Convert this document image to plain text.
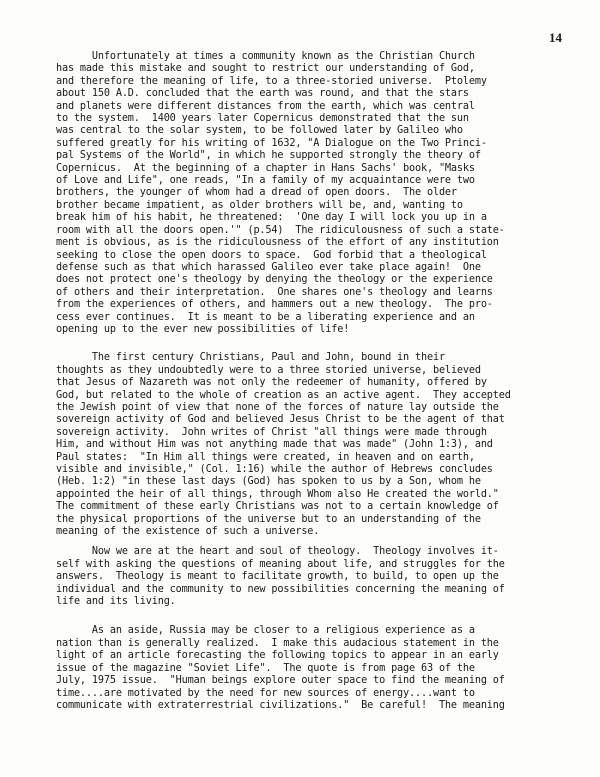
14
Unfortunately at times a community known as the Christian Church
has made this mistake and sought to restrict our understanding of God,
and therefore the meaning of life, to a three-storied universe.  Ptolemy
about 150 A.D. concluded that the earth was round, and that the stars
and planets were different distances from the earth, which was central
to the system.  1400 years later Copernicus demonstrated that the sun
was central to the solar system, to be followed later by Galileo who
suffered greatly for his writing of 1632, "A Dialogue on the Two Princi-
pal Systems of the World", in which he supported strongly the theory of
Copernicus.  At the beginning of a chapter in Hans Sachs' book, "Masks
of Love and Life", one reads, "In a family of my acquaintance were two
brothers, the younger of whom had a dread of open doors.  The older
brother became impatient, as older brothers will be, and, wanting to
break him of his habit, he threatened:  'One day I will lock you up in a
room with all the doors open.'" (p.54)  The ridiculousness of such a state-
ment is obvious, as is the ridiculousness of the effort of any institution
seeking to close the open doors to space.  God forbid that a theological
defense such as that which harassed Galileo ever take place again!  One
does not protect one's theology by denying the theology or the experience
of others and their interpretation.  One shares one's theology and learns
from the experiences of others, and hammers out a new theology.  The pro-
cess ever continues.  It is meant to be a liberating experience and an
opening up to the ever new possibilities of life!
The first century Christians, Paul and John, bound in their
thoughts as they undoubtedly were to a three storied universe, believed
that Jesus of Nazareth was not only the redeemer of humanity, offered by
God, but related to the whole of creation as an active agent.  They accepted
the Jewish point of view that none of the forces of nature lay outside the
sovereign activity of God and believed Jesus Christ to be the agent of that
sovereign activity.  John writes of Christ "all things were made through
Him, and without Him was not anything made that was made" (John 1:3), and
Paul states:  "In Him all things were created, in heaven and on earth,
visible and invisible," (Col. 1:16) while the author of Hebrews concludes
(Heb. 1:2) "in these last days (God) has spoken to us by a Son, whom he
appointed the heir of all things, through Whom also He created the world."
The commitment of these early Christians was not to a certain knowledge of
the physical proportions of the universe but to an understanding of the
meaning of the existence of such a universe.
Now we are at the heart and soul of theology.  Theology involves it-
self with asking the questions of meaning about life, and struggles for the
answers.  Theology is meant to facilitate growth, to build, to open up the
individual and the community to new possibilities concerning the meaning of
life and its living.
As an aside, Russia may be closer to a religious experience as a
nation than is generally realized.  I make this audacious statement in the
light of an article forecasting the following topics to appear in an early
issue of the magazine "Soviet Life".  The quote is from page 63 of the
July, 1975 issue.  "Human beings explore outer space to find the meaning of
time....are motivated by the need for new sources of energy....want to
communicate with extraterrestrial civilizations."  Be careful!  The meaning
